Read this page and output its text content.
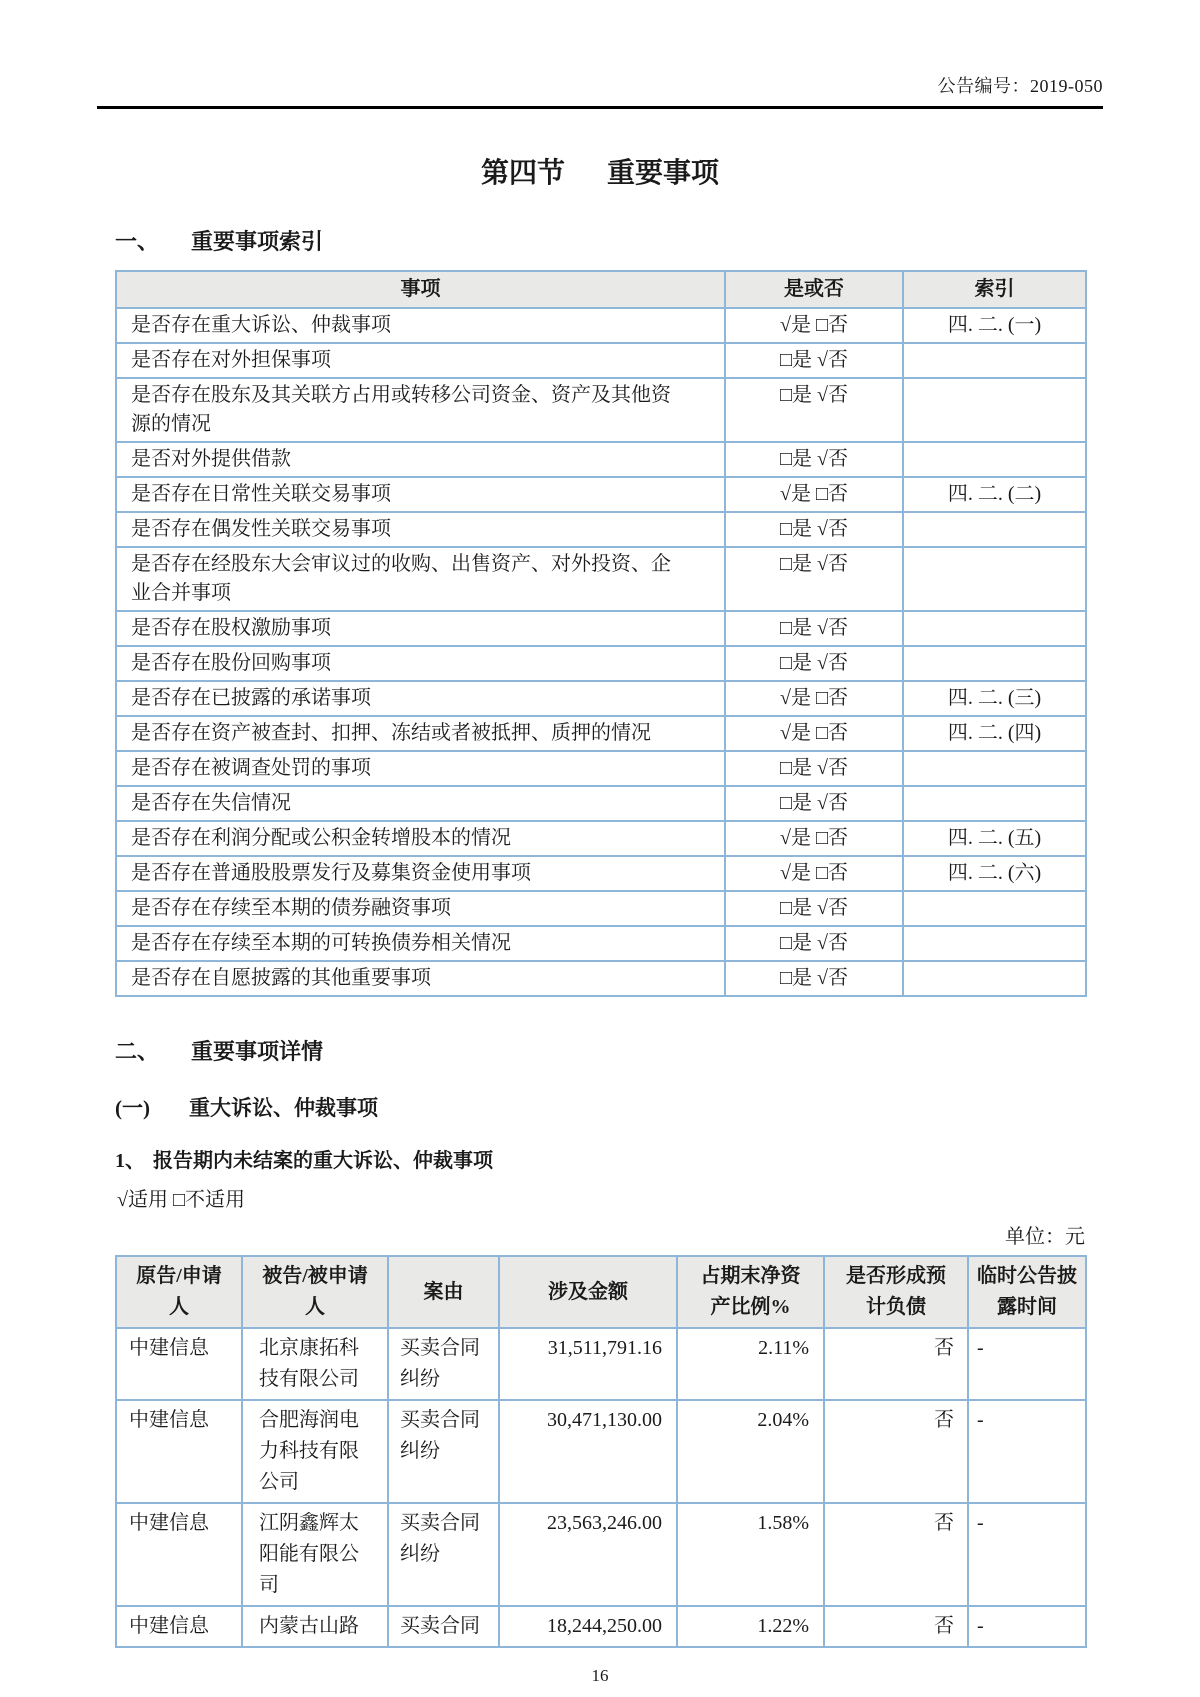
公告编号：2019-050
第四节 重要事项
一、 重要事项索引
事项	是或否	索引
是否存在重大诉讼、仲裁事项	√是 □否	四. 二. (一)
是否存在对外担保事项	□是 √否	
是否存在股东及其关联方占用或转移公司资金、资产及其他资源的情况	□是 √否	
是否对外提供借款	□是 √否	
是否存在日常性关联交易事项	√是 □否	四. 二. (二)
是否存在偶发性关联交易事项	□是 √否	
是否存在经股东大会审议过的收购、出售资产、对外投资、企业合并事项	□是 √否	
是否存在股权激励事项	□是 √否	
是否存在股份回购事项	□是 √否	
是否存在已披露的承诺事项	√是 □否	四. 二. (三)
是否存在资产被查封、扣押、冻结或者被抵押、质押的情况	√是 □否	四. 二. (四)
是否存在被调查处罚的事项	□是 √否	
是否存在失信情况	□是 √否	
是否存在利润分配或公积金转增股本的情况	√是 □否	四. 二. (五)
是否存在普通股股票发行及募集资金使用事项	√是 □否	四. 二. (六)
是否存在存续至本期的债券融资事项	□是 √否	
是否存在存续至本期的可转换债券相关情况	□是 √否	
是否存在自愿披露的其他重要事项	□是 √否	
二、 重要事项详情
(一) 重大诉讼、仲裁事项
1、 报告期内未结案的重大诉讼、仲裁事项
√适用 □不适用
单位：元
原告/申请人	被告/被申请人	案由	涉及金额	占期末净资产比例%	是否形成预计负债	临时公告披露时间
中建信息	北京康拓科技有限公司	买卖合同纠纷	31,511,791.16	2.11%	否	-
中建信息	合肥海润电力科技有限公司	买卖合同纠纷	30,471,130.00	2.04%	否	-
中建信息	江阴鑫辉太阳能有限公司	买卖合同纠纷	23,563,246.00	1.58%	否	-
中建信息	内蒙古山路	买卖合同	18,244,250.00	1.22%	否	-
16
